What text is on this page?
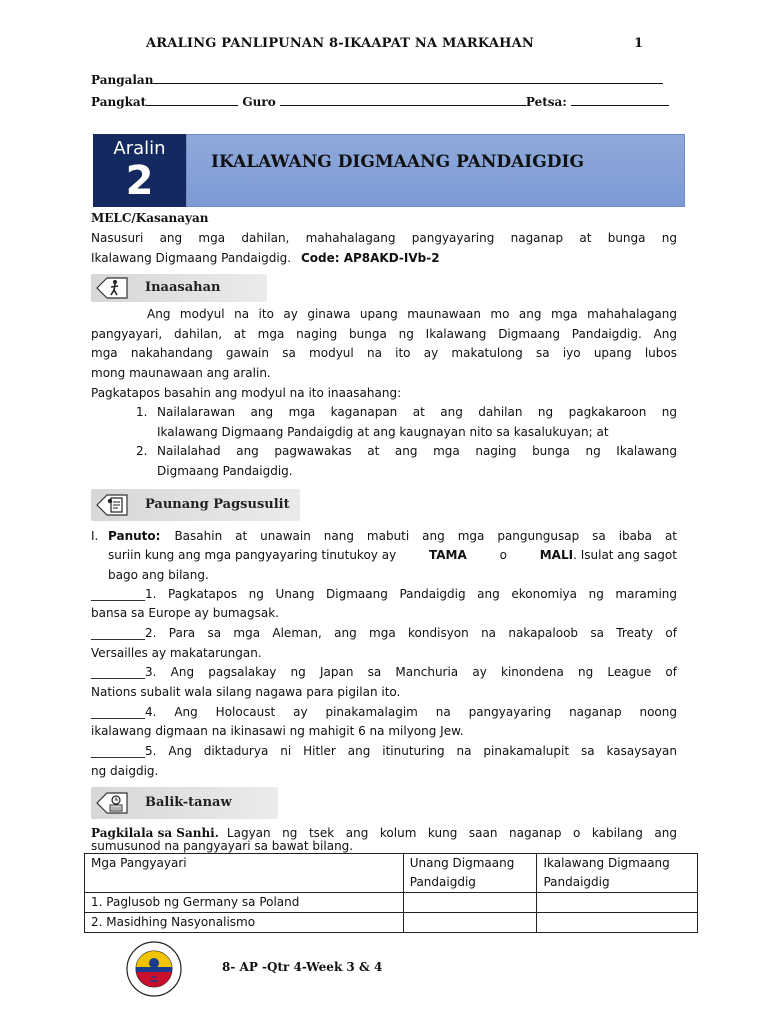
ARALING PANLIPUNAN 8-IKAAPAT NA MARKAHAN	1
Pangalan
Pangkat	Guro	Petsa:
Aralin
2	IKALAWANG DIGMAANG PANDAIGDIG
MELC/Kasanayan
Nasusuri ang mga dahilan, mahahalagang pangyayaring naganap at bunga ng
Ikalawang Digmaang Pandaigdig. Code: AP8AKD-IVb-2
Inaasahan
Ang modyul na ito ay ginawa upang maunawaan mo ang mga mahahalagang
pangyayari, dahilan, at mga naging bunga ng Ikalawang Digmaang Pandaigdig. Ang
mga nakahandang gawain sa modyul na ito ay makatulong sa iyo upang lubos
mong maunawaan ang aralin.
Pagkatapos basahin ang modyul na ito inaasahang:
1. Nailalarawan ang mga kaganapan at ang dahilan ng pagkakaroon ng
Ikalawang Digmaang Pandaigdig at ang kaugnayan nito sa kasalukuyan; at
2. Nailalahad ang pagwawakas at ang mga naging bunga ng Ikalawang
Digmaang Pandaigdig.
Paunang Pagsusulit
I. Panuto: Basahin at unawain nang mabuti ang mga pangungusap sa ibaba at
suriin kung ang mga pangyayaring tinutukoy ay	TAMA	o	MALI. Isulat ang sagot
bago ang bilang.
_________1. Pagkatapos ng Unang Digmaang Pandaigdig ang ekonomiya ng maraming
bansa sa Europe ay bumagsak.
_________2. Para sa mga Aleman, ang mga kondisyon na nakapaloob sa Treaty of
Versailles ay makatarungan.
_________3. Ang pagsalakay ng Japan sa Manchuria ay kinondena ng League of
Nations subalit wala silang nagawa para pigilan ito.
_________4. Ang Holocaust ay pinakamalagim na pangyayaring naganap noong
ikalawang digmaan na ikinasawi ng mahigit 6 na milyong Jew.
_________5. Ang diktadurya ni Hitler ang itinuturing na pinakamalupit sa kasaysayan
ng daigdig.
Balik-tanaw
Pagkilala sa Sanhi. Lagyan ng tsek ang kolum kung saan naganap o kabilang ang
sumusunod na pangyayari sa bawat bilang.
Mga Pangyayari	Unang Digmaang Pandaigdig	Ikalawang Digmaang Pandaigdig
1. Paglusob ng Germany sa Poland		
2. Masidhing Nasyonalismo		
8- AP -Qtr 4-Week 3 & 4
